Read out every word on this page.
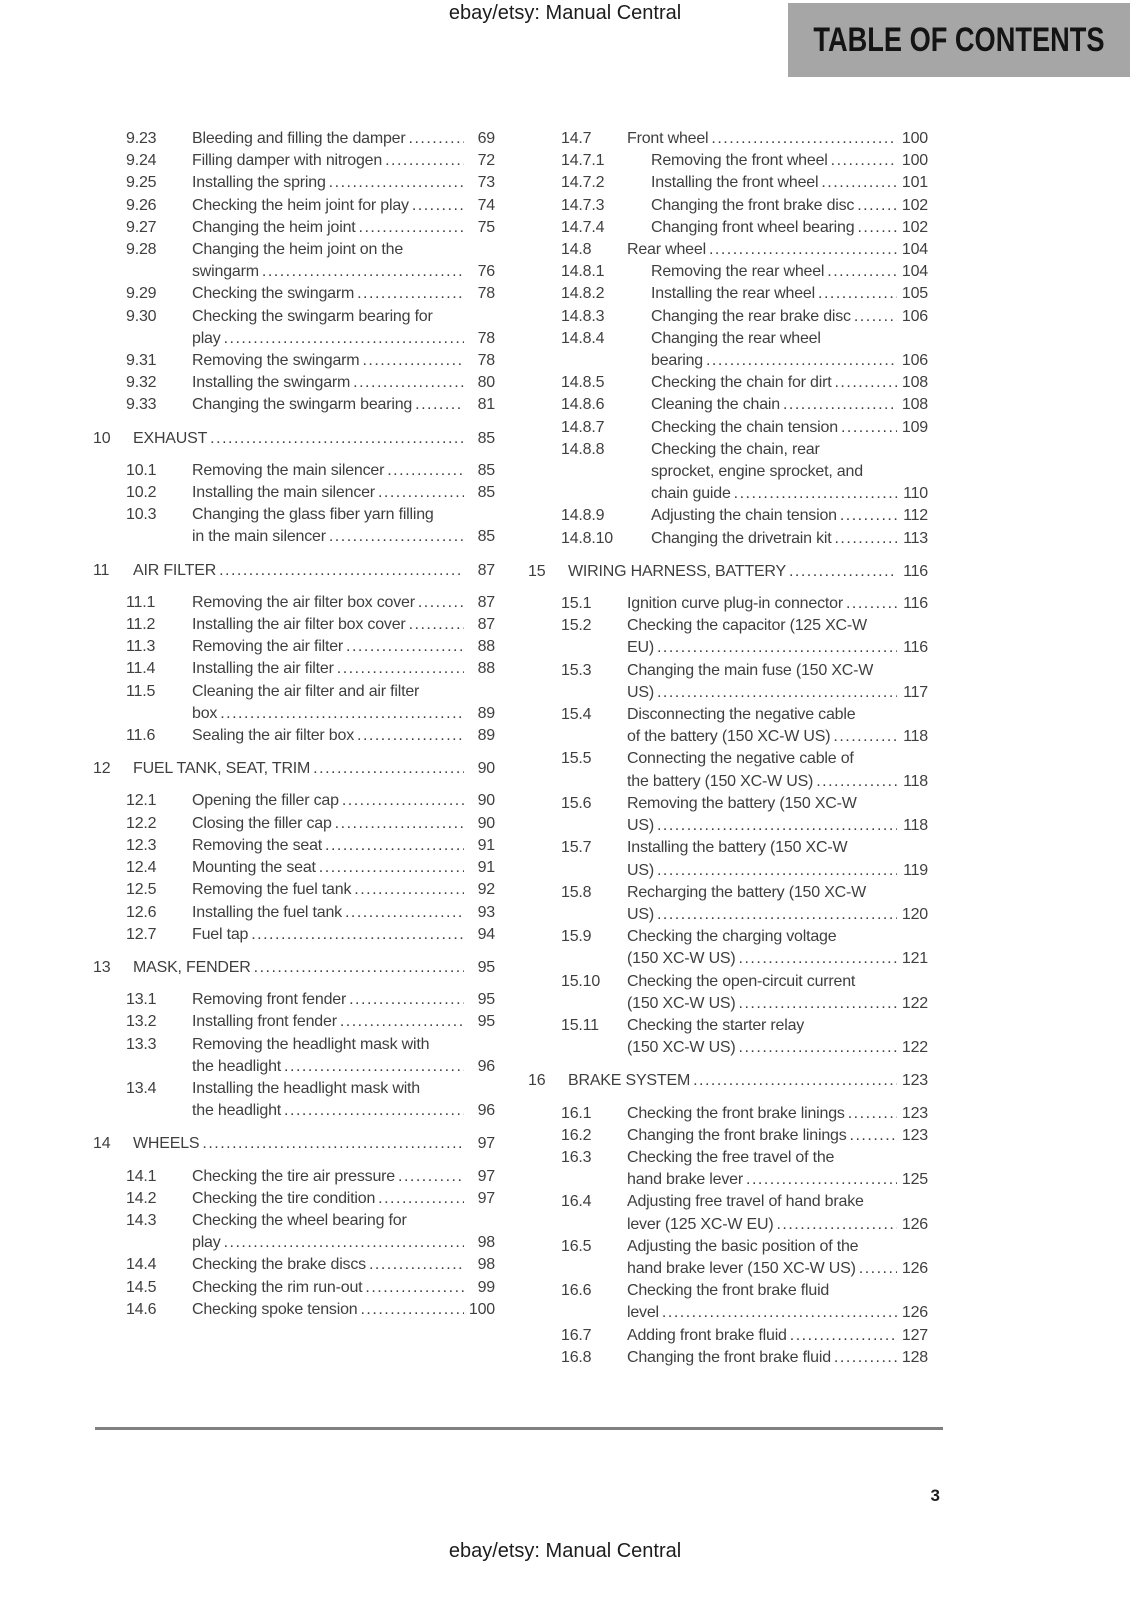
ebay/etsy: Manual Central
TABLE OF CONTENTS
9.23	Bleeding and filling the damper .....	69
9.24	Filling damper with nitrogen .....	72
9.25	Installing the spring .....	73
9.26	Checking the heim joint for play .....	74
9.27	Changing the heim joint .....	75
9.28	Changing the heim joint on the
swingarm .....	76
9.29	Checking the swingarm .....	78
9.30	Checking the swingarm bearing for
play .....	78
9.31	Removing the swingarm .....	78
9.32	Installing the swingarm .....	80
9.33	Changing the swingarm bearing .....	81
10	EXHAUST .....	85
10.1	Removing the main silencer .....	85
10.2	Installing the main silencer .....	85
10.3	Changing the glass fiber yarn filling
in the main silencer .....	85
11	AIR FILTER .....	87
11.1	Removing the air filter box cover .....	87
11.2	Installing the air filter box cover .....	87
11.3	Removing the air filter .....	88
11.4	Installing the air filter .....	88
11.5	Cleaning the air filter and air filter
box .....	89
11.6	Sealing the air filter box .....	89
12	FUEL TANK, SEAT, TRIM .....	90
12.1	Opening the filler cap .....	90
12.2	Closing the filler cap .....	90
12.3	Removing the seat .....	91
12.4	Mounting the seat .....	91
12.5	Removing the fuel tank .....	92
12.6	Installing the fuel tank .....	93
12.7	Fuel tap .....	94
13	MASK, FENDER .....	95
13.1	Removing front fender .....	95
13.2	Installing front fender .....	95
13.3	Removing the headlight mask with
the headlight .....	96
13.4	Installing the headlight mask with
the headlight .....	96
14	WHEELS .....	97
14.1	Checking the tire air pressure .....	97
14.2	Checking the tire condition .....	97
14.3	Checking the wheel bearing for
play .....	98
14.4	Checking the brake discs .....	98
14.5	Checking the rim run-out .....	99
14.6	Checking spoke tension .....	100
14.7	Front wheel .....	100
14.7.1	Removing the front wheel .....	100
14.7.2	Installing the front wheel .....	101
14.7.3	Changing the front brake disc .....	102
14.7.4	Changing front wheel bearing .....	102
14.8	Rear wheel .....	104
14.8.1	Removing the rear wheel .....	104
14.8.2	Installing the rear wheel .....	105
14.8.3	Changing the rear brake disc .....	106
14.8.4	Changing the rear wheel
bearing .....	106
14.8.5	Checking the chain for dirt .....	108
14.8.6	Cleaning the chain .....	108
14.8.7	Checking the chain tension .....	109
14.8.8	Checking the chain, rear
sprocket, engine sprocket, and
chain guide .....	110
14.8.9	Adjusting the chain tension .....	112
14.8.10	Changing the drivetrain kit .....	113
15	WIRING HARNESS, BATTERY .....	116
15.1	Ignition curve plug-in connector .....	116
15.2	Checking the capacitor (125 XC-W
EU) .....	116
15.3	Changing the main fuse (150 XC-W
US) .....	117
15.4	Disconnecting the negative cable
of the battery (150 XC-W US) .....	118
15.5	Connecting the negative cable of
the battery (150 XC-W US) .....	118
15.6	Removing the battery (150 XC-W
US) .....	118
15.7	Installing the battery (150 XC-W
US) .....	119
15.8	Recharging the battery (150 XC-W
US) .....	120
15.9	Checking the charging voltage
(150 XC-W US) .....	121
15.10	Checking the open-circuit current
(150 XC-W US) .....	122
15.11	Checking the starter relay
(150 XC-W US) .....	122
16	BRAKE SYSTEM .....	123
16.1	Checking the front brake linings .....	123
16.2	Changing the front brake linings .....	123
16.3	Checking the free travel of the
hand brake lever .....	125
16.4	Adjusting free travel of hand brake
lever (125 XC-W EU) .....	126
16.5	Adjusting the basic position of the
hand brake lever (150 XC-W US) .....	126
16.6	Checking the front brake fluid
level .....	126
16.7	Adding front brake fluid .....	127
16.8	Changing the front brake fluid .....	128
3
ebay/etsy: Manual Central
